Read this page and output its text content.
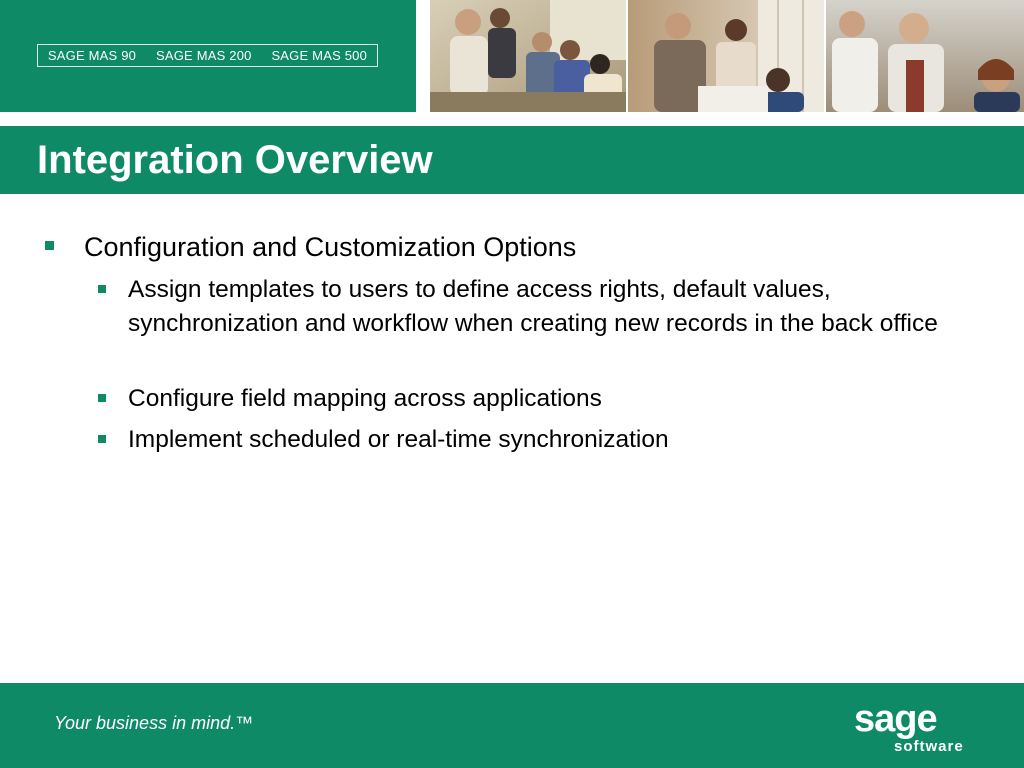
SAGE MAS 90 SAGE MAS 200 SAGE MAS 500
Integration Overview
Configuration and Customization Options
Assign templates to users to define access rights, default values, synchronization and workflow when creating new records in the back office
Configure field mapping across applications
Implement scheduled or real-time synchronization
Your business in mind.™	sage
software
